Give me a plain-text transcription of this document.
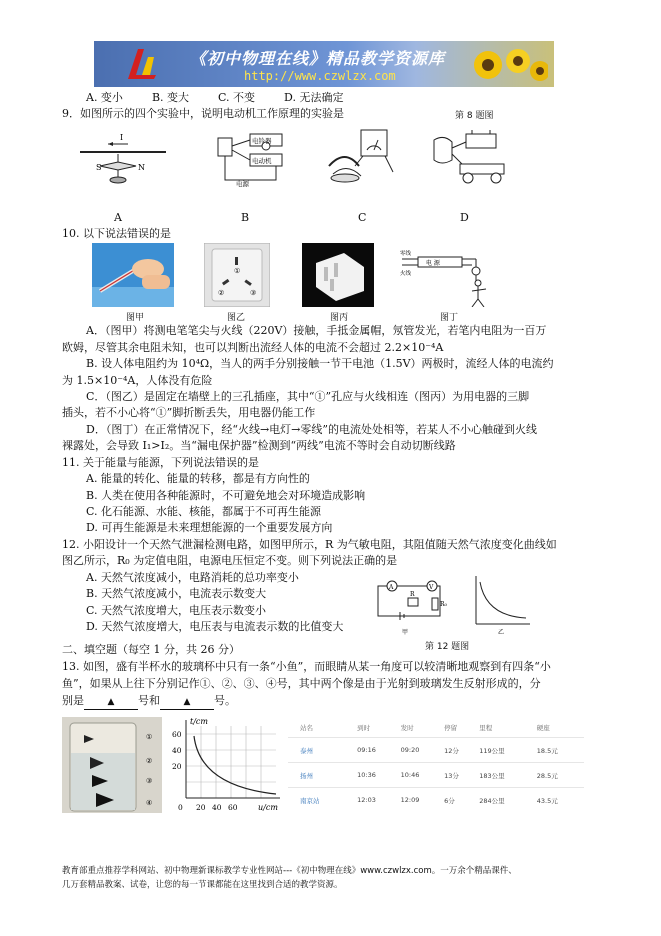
《初中物理在线》精品教学资源库
http://www.czwlzx.com
A. 变小	B. 变大	C. 不变	D. 无法确定
9．如图所示的四个实验中，说明电动机工作原理的实验是	第 8 题图
I
S	N
电铃器
电动机
电源
A	B	C	D
10. 以下说法错误的是
①
②	③
电 源
零线
火线
图甲	图乙	图丙	图丁
A．（图甲）将测电笔笔尖与火线（220V）接触，手抵金属帽，氖管发光，若笔内电阻为一百万
欧姆，尽管其余电阻未知，也可以判断出流经人体的电流不会超过 2.2×10⁻⁴A
B. 设人体电阻约为 10⁴Ω，当人的两手分别接触一节干电池（1.5V）两极时，流经人体的电流约
为 1.5×10⁻⁴A，人体没有危险
C．（图乙）是固定在墙壁上的三孔插座，其中“①”孔应与火线相连（图丙）为用电器的三脚
插头，若不小心将“①”脚折断丢失，用电器仍能工作
D．（图丁）在正常情况下，经“火线→电灯→零线”的电流处处相等，若某人不小心触碰到火线
裸露处，会导致 I₁>I₂。当“漏电保护器”检测到“两线”电流不等时会自动切断线路
11. 关于能量与能源，下列说法错误的是
A. 能量的转化、能量的转移，都是有方向性的
B. 人类在使用各种能源时，不可避免地会对环境造成影响
C. 化石能源、水能、核能，都属于不可再生能源
D. 可再生能源是未来理想能源的一个重要发展方向
12. 小阳设计一个天然气泄漏检测电路，如图甲所示，R 为气敏电阻，其阻值随天然气浓度变化曲线如
图乙所示，R₀ 为定值电阻，电源电压恒定不变。则下列说法正确的是
A. 天然气浓度减小，电路消耗的总功率变小
B. 天然气浓度减小，电流表示数变大
C. 天然气浓度增大，电压表示数变小
D. 天然气浓度增大，电压表与电流表示数的比值变大
A	V
R
R₀
甲	乙
第 12 题图
二、填空题（每空 1 分，共 26 分）
13. 如图，盛有半杯水的玻璃杯中只有一条“小鱼”，而眼睛从某一角度可以较清晰地观察到有四条“小
鱼”，如果从上往下分别记作①、②、③、④号，其中两个像是由于光射到玻璃发生反射形成的，分
别是	▲ 号和	▲ 号。
①
②
③
④
t/cm
u/cm
60
40
20
0 20 40 60
站名	到时	发时	停留	里程	硬座
泰州	09:16	09:20	12分	119公里	18.5元
扬州	10:36	10:46	13分	183公里	28.5元
南京站	12:03	12:09	6分	284公里	43.5元
教育部重点推荐学科网站、初中物理新课标教学专业性网站---《初中物理在线》www.czwlzx.com。一万余个精品课件、
几万套精品教案、试卷，让您的每一节课都能在这里找到合适的教学资源。
